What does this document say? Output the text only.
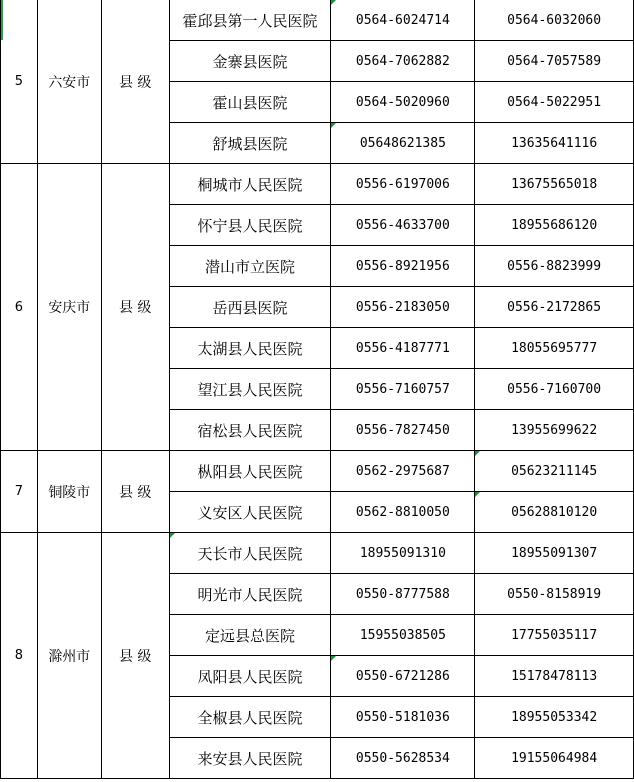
5	六安市	县 级	霍邱县第一人民医院	0564-6024714	0564-6032060
			金寨县医院	0564-7062882	0564-7057589
			霍山县医院	0564-5020960	0564-5022951
			舒城县医院	05648621385	13635641116
6	安庆市	县 级	桐城市人民医院	0556-6197006	13675565018
			怀宁县人民医院	0556-4633700	18955686120
			潜山市立医院	0556-8921956	0556-8823999
			岳西县医院	0556-2183050	0556-2172865
			太湖县人民医院	0556-4187771	18055695777
			望江县人民医院	0556-7160757	0556-7160700
			宿松县人民医院	0556-7827450	13955699622
7	铜陵市	县 级	枞阳县人民医院	0562-2975687	05623211145
			义安区人民医院	0562-8810050	05628810120
8	滁州市	县 级	天长市人民医院	18955091310	18955091307
			明光市人民医院	0550-8777588	0550-8158919
			定远县总医院	15955038505	17755035117
			凤阳县人民医院	0550-6721286	15178478113
			全椒县人民医院	0550-5181036	18955053342
			来安县人民医院	0550-5628534	19155064984
